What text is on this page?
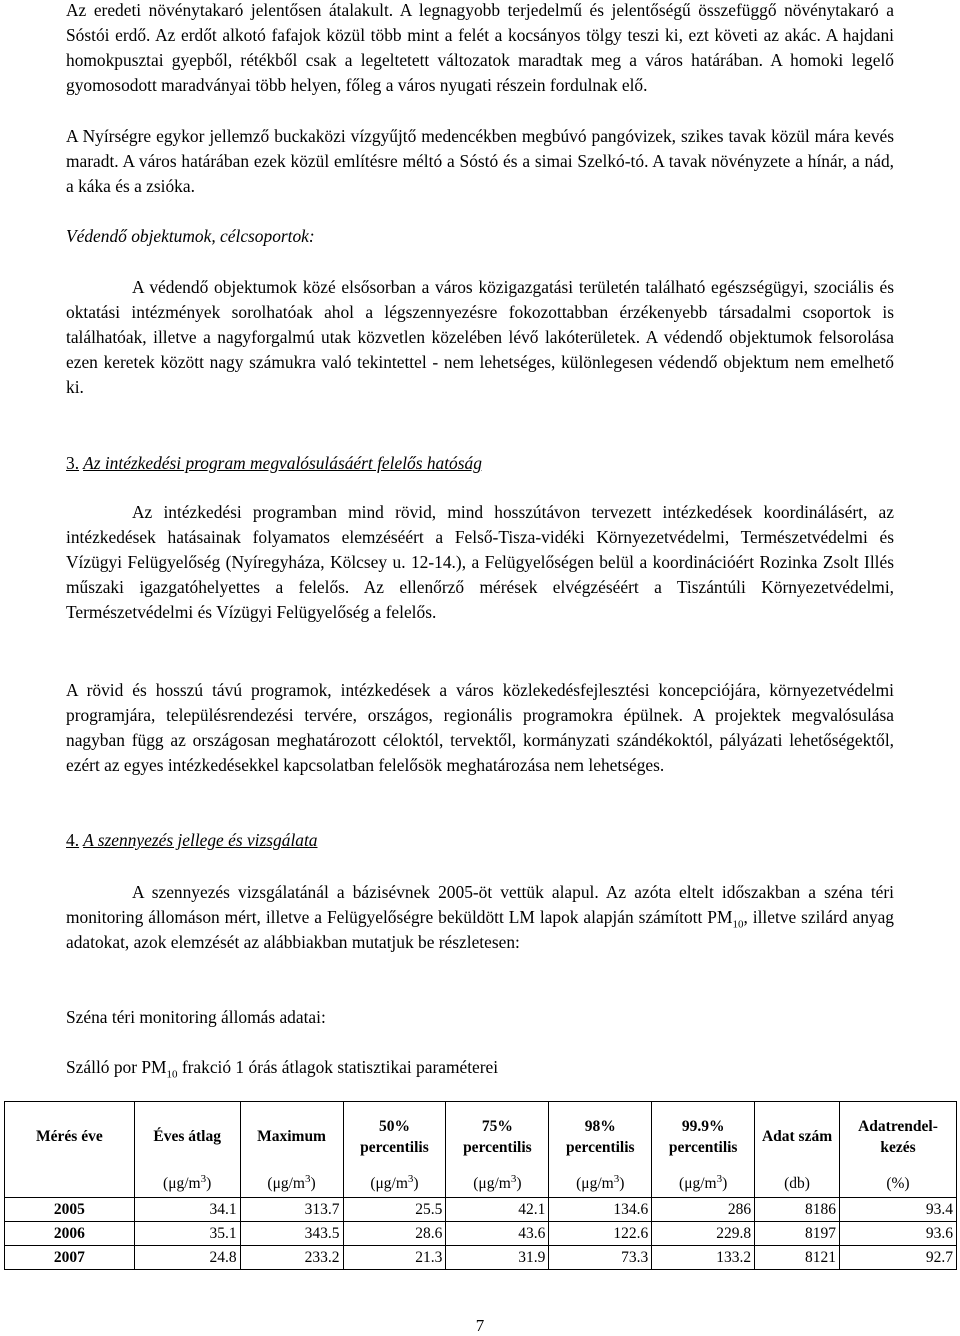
Az eredeti növénytakaró jelentősen átalakult. A legnagyobb terjedelmű és jelentőségű összefüggő növénytakaró a Sóstói erdő. Az erdőt alkotó fafajok közül több mint a felét a kocsányos tölgy teszi ki, ezt követi az akác. A hajdani homokpusztai gyepből, rétékből csak a legeltetett változatok maradtak meg a város határában. A homoki legelő gyomosodott maradványai több helyen, főleg a város nyugati részein fordulnak elő.

A Nyírségre egykor jellemző buckaközi vízgyűjtő medencékben megbúvó pangóvizek, szikes tavak közül mára kevés maradt. A város határában ezek közül említésre méltó a Sóstó és a simai Szelkó-tó. A tavak növényzete a hínár, a nád, a káka és a zsióka.

Védendő objektumok, célcsoportok:

A védendő objektumok közé elsősorban a város közigazgatási területén található egészségügyi, szociális és oktatási intézmények sorolhatóak ahol a légszennyezésre fokozottabban érzékenyebb társadalmi csoportok is találhatóak, illetve a nagyforgalmú utak közvetlen közelében lévő lakóterületek. A védendő objektumok felsorolása ezen keretek között nagy számukra való tekintettel - nem lehetséges, különlegesen védendő objektum nem emelhető ki.

3. Az intézkedési program megvalósulásáért felelős hatóság

Az intézkedési programban mind rövid, mind hosszútávon tervezett intézkedések koordinálásért, az intézkedések hatásainak folyamatos elemzéséért a Felső-Tisza-vidéki Környezetvédelmi, Természetvédelmi és Vízügyi Felügyelőség (Nyíregyháza, Kölcsey u. 12-14.), a Felügyelőségen belül a koordinációért Rozinka Zsolt Illés műszaki igazgatóhelyettes a felelős. Az ellenőrző mérések elvégzéséért a Tiszántúli Környezetvédelmi, Természetvédelmi és Vízügyi Felügyelőség a felelős.

A rövid és hosszú távú programok, intézkedések a város közlekedésfejlesztési koncepciójára, környezetvédelmi programjára, településrendezési tervére, országos, regionális programokra épülnek. A projektek megvalósulása nagyban függ az országosan meghatározott céloktól, tervektől, kormányzati szándékoktól, pályázati lehetőségektől, ezért az egyes intézkedésekkel kapcsolatban felelősök meghatározása nem lehetséges.

4. A szennyezés jellege és vizsgálata

A szennyezés vizsgálatánál a bázisévnek 2005-öt vettük alapul. Az azóta eltelt időszakban a széna téri monitoring állomáson mért, illetve a Felügyelőségre beküldött LM lapok alapján számított $PM_{10}$, illetve szilárd anyag adatokat, azok elemzését az alábbiakban mutatjuk be részletesen:

Széna téri monitoring állomás adatai:

Szálló por $PM_{10}$ frakció 1 órás átlagok statisztikai paraméterei

Mérés éve	Éves átlag	Maximum	50% percentilis	75% percentilis	98% percentilis	99.9% percentilis	Adat szám	Adatrendel-kezés
	$(\mu g/m^3)$	$(\mu g/m^3)$	$(\mu g/m^3)$	$(\mu g/m^3)$	$(\mu g/m^3)$	$(\mu g/m^3)$	(db)	(%)
2005	34.1	313.7	25.5	42.1	134.6	286	8186	93.4
2006	35.1	343.5	28.6	43.6	122.6	229.8	8197	93.6
2007	24.8	233.2	21.3	31.9	73.3	133.2	8121	92.7
7
